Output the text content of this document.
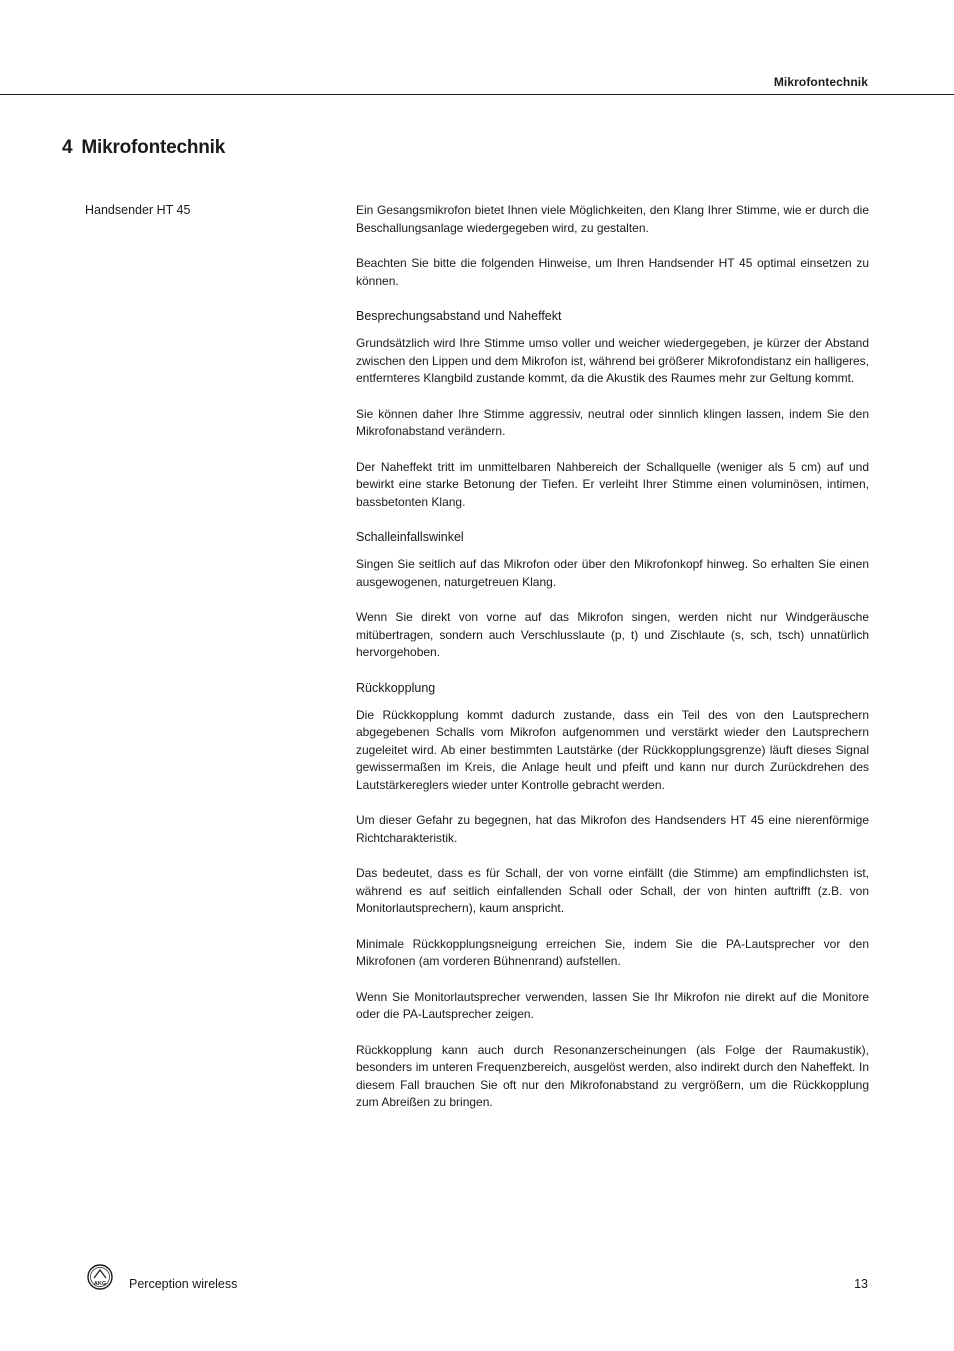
Mikrofontechnik
4 Mikrofontechnik
Handsender HT 45	Ein Gesangsmikrofon bietet Ihnen viele Möglichkeiten, den Klang Ihrer Stimme, wie er durch die Beschallungsanlage wiedergegeben wird, zu gestalten.

Beachten Sie bitte die folgenden Hinweise, um Ihren Handsender HT 45 optimal einsetzen zu können.

Besprechungsabstand und Naheffekt

Grundsätzlich wird Ihre Stimme umso voller und weicher wiedergegeben, je kürzer der Abstand zwischen den Lippen und dem Mikrofon ist, während bei größerer Mikrofondistanz ein halligeres, entfernteres Klangbild zustande kommt, da die Akustik des Raumes mehr zur Geltung kommt.

Sie können daher Ihre Stimme aggressiv, neutral oder sinnlich klingen lassen, indem Sie den Mikrofonabstand verändern.

Der Naheffekt tritt im unmittelbaren Nahbereich der Schallquelle (weniger als 5 cm) auf und bewirkt eine starke Betonung der Tiefen. Er verleiht Ihrer Stimme einen voluminösen, intimen, bassbetonten Klang.

Schalleinfallswinkel

Singen Sie seitlich auf das Mikrofon oder über den Mikrofonkopf hinweg. So erhalten Sie einen ausgewogenen, naturgetreuen Klang.

Wenn Sie direkt von vorne auf das Mikrofon singen, werden nicht nur Windgeräusche mitübertragen, sondern auch Verschlusslaute (p, t) und Zischlaute (s, sch, tsch) unnatürlich hervorgehoben.

Rückkopplung

Die Rückkopplung kommt dadurch zustande, dass ein Teil des von den Lautsprechern abgegebenen Schalls vom Mikrofon aufgenommen und verstärkt wieder den Lautsprechern zugeleitet wird. Ab einer bestimmten Lautstärke (der Rückkopplungsgrenze) läuft dieses Signal gewissermaßen im Kreis, die Anlage heult und pfeift und kann nur durch Zurückdrehen des Lautstärkereglers wieder unter Kontrolle gebracht werden.

Um dieser Gefahr zu begegnen, hat das Mikrofon des Handsenders HT 45 eine nierenförmige Richtcharakteristik.

Das bedeutet, dass es für Schall, der von vorne einfällt (die Stimme) am empfindlichsten ist, während es auf seitlich einfallenden Schall oder Schall, der von hinten auftrifft (z.B. von Monitorlautsprechern), kaum anspricht.

Minimale Rückkopplungsneigung erreichen Sie, indem Sie die PA-Lautsprecher vor den Mikrofonen (am vorderen Bühnenrand) aufstellen.

Wenn Sie Monitorlautsprecher verwenden, lassen Sie Ihr Mikrofon nie direkt auf die Monitore oder die PA-Lautsprecher zeigen.

Rückkopplung kann auch durch Resonanzerscheinungen (als Folge der Raumakustik), besonders im unteren Frequenzbereich, ausgelöst werden, also indirekt durch den Naheffekt. In diesem Fall brauchen Sie oft nur den Mikrofonabstand zu vergrößern, um die Rückkopplung zum Abreißen zu bringen.

AKG Perception wireless	13
